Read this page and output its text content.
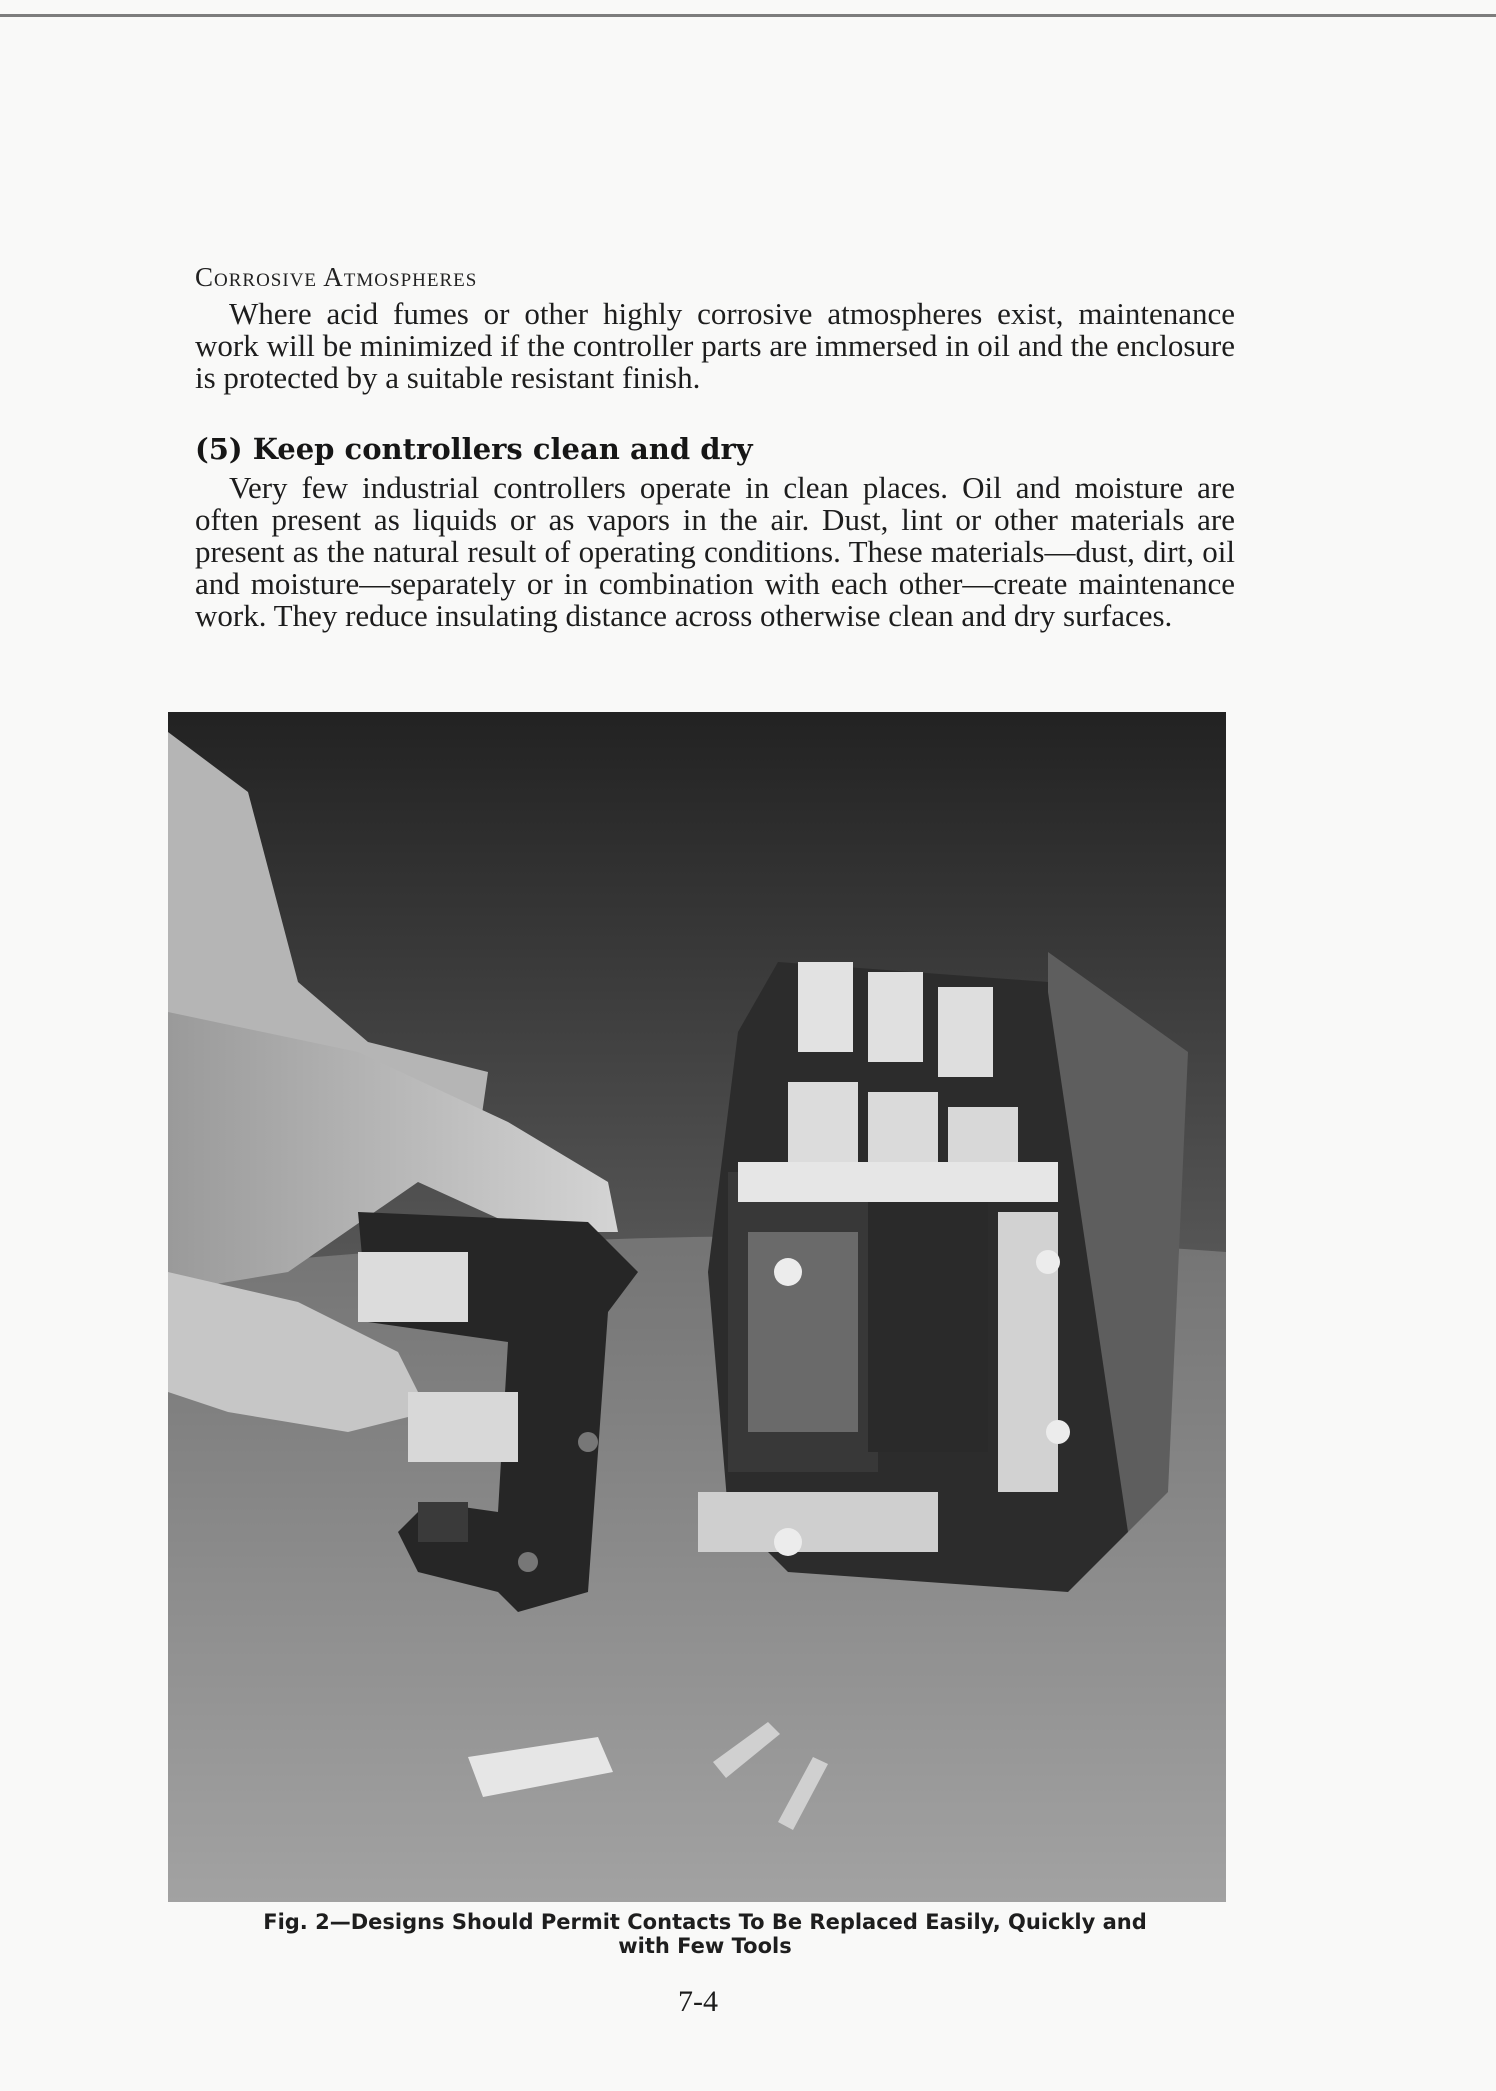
Corrosive Atmospheres

Where acid fumes or other highly corrosive atmospheres exist, maintenance work will be minimized if the controller parts are immersed in oil and the enclosure is protected by a suitable resistant finish.

(5) Keep controllers clean and dry

Very few industrial controllers operate in clean places. Oil and moisture are often present as liquids or as vapors in the air. Dust, lint or other materials are present as the natural result of operating conditions. These materials—dust, dirt, oil and moisture—separately or in combination with each other—create maintenance work. They reduce insulating distance across otherwise clean and dry surfaces.

Fig. 2—Designs Should Permit Contacts To Be Replaced Easily, Quickly and
with Few Tools
7-4
